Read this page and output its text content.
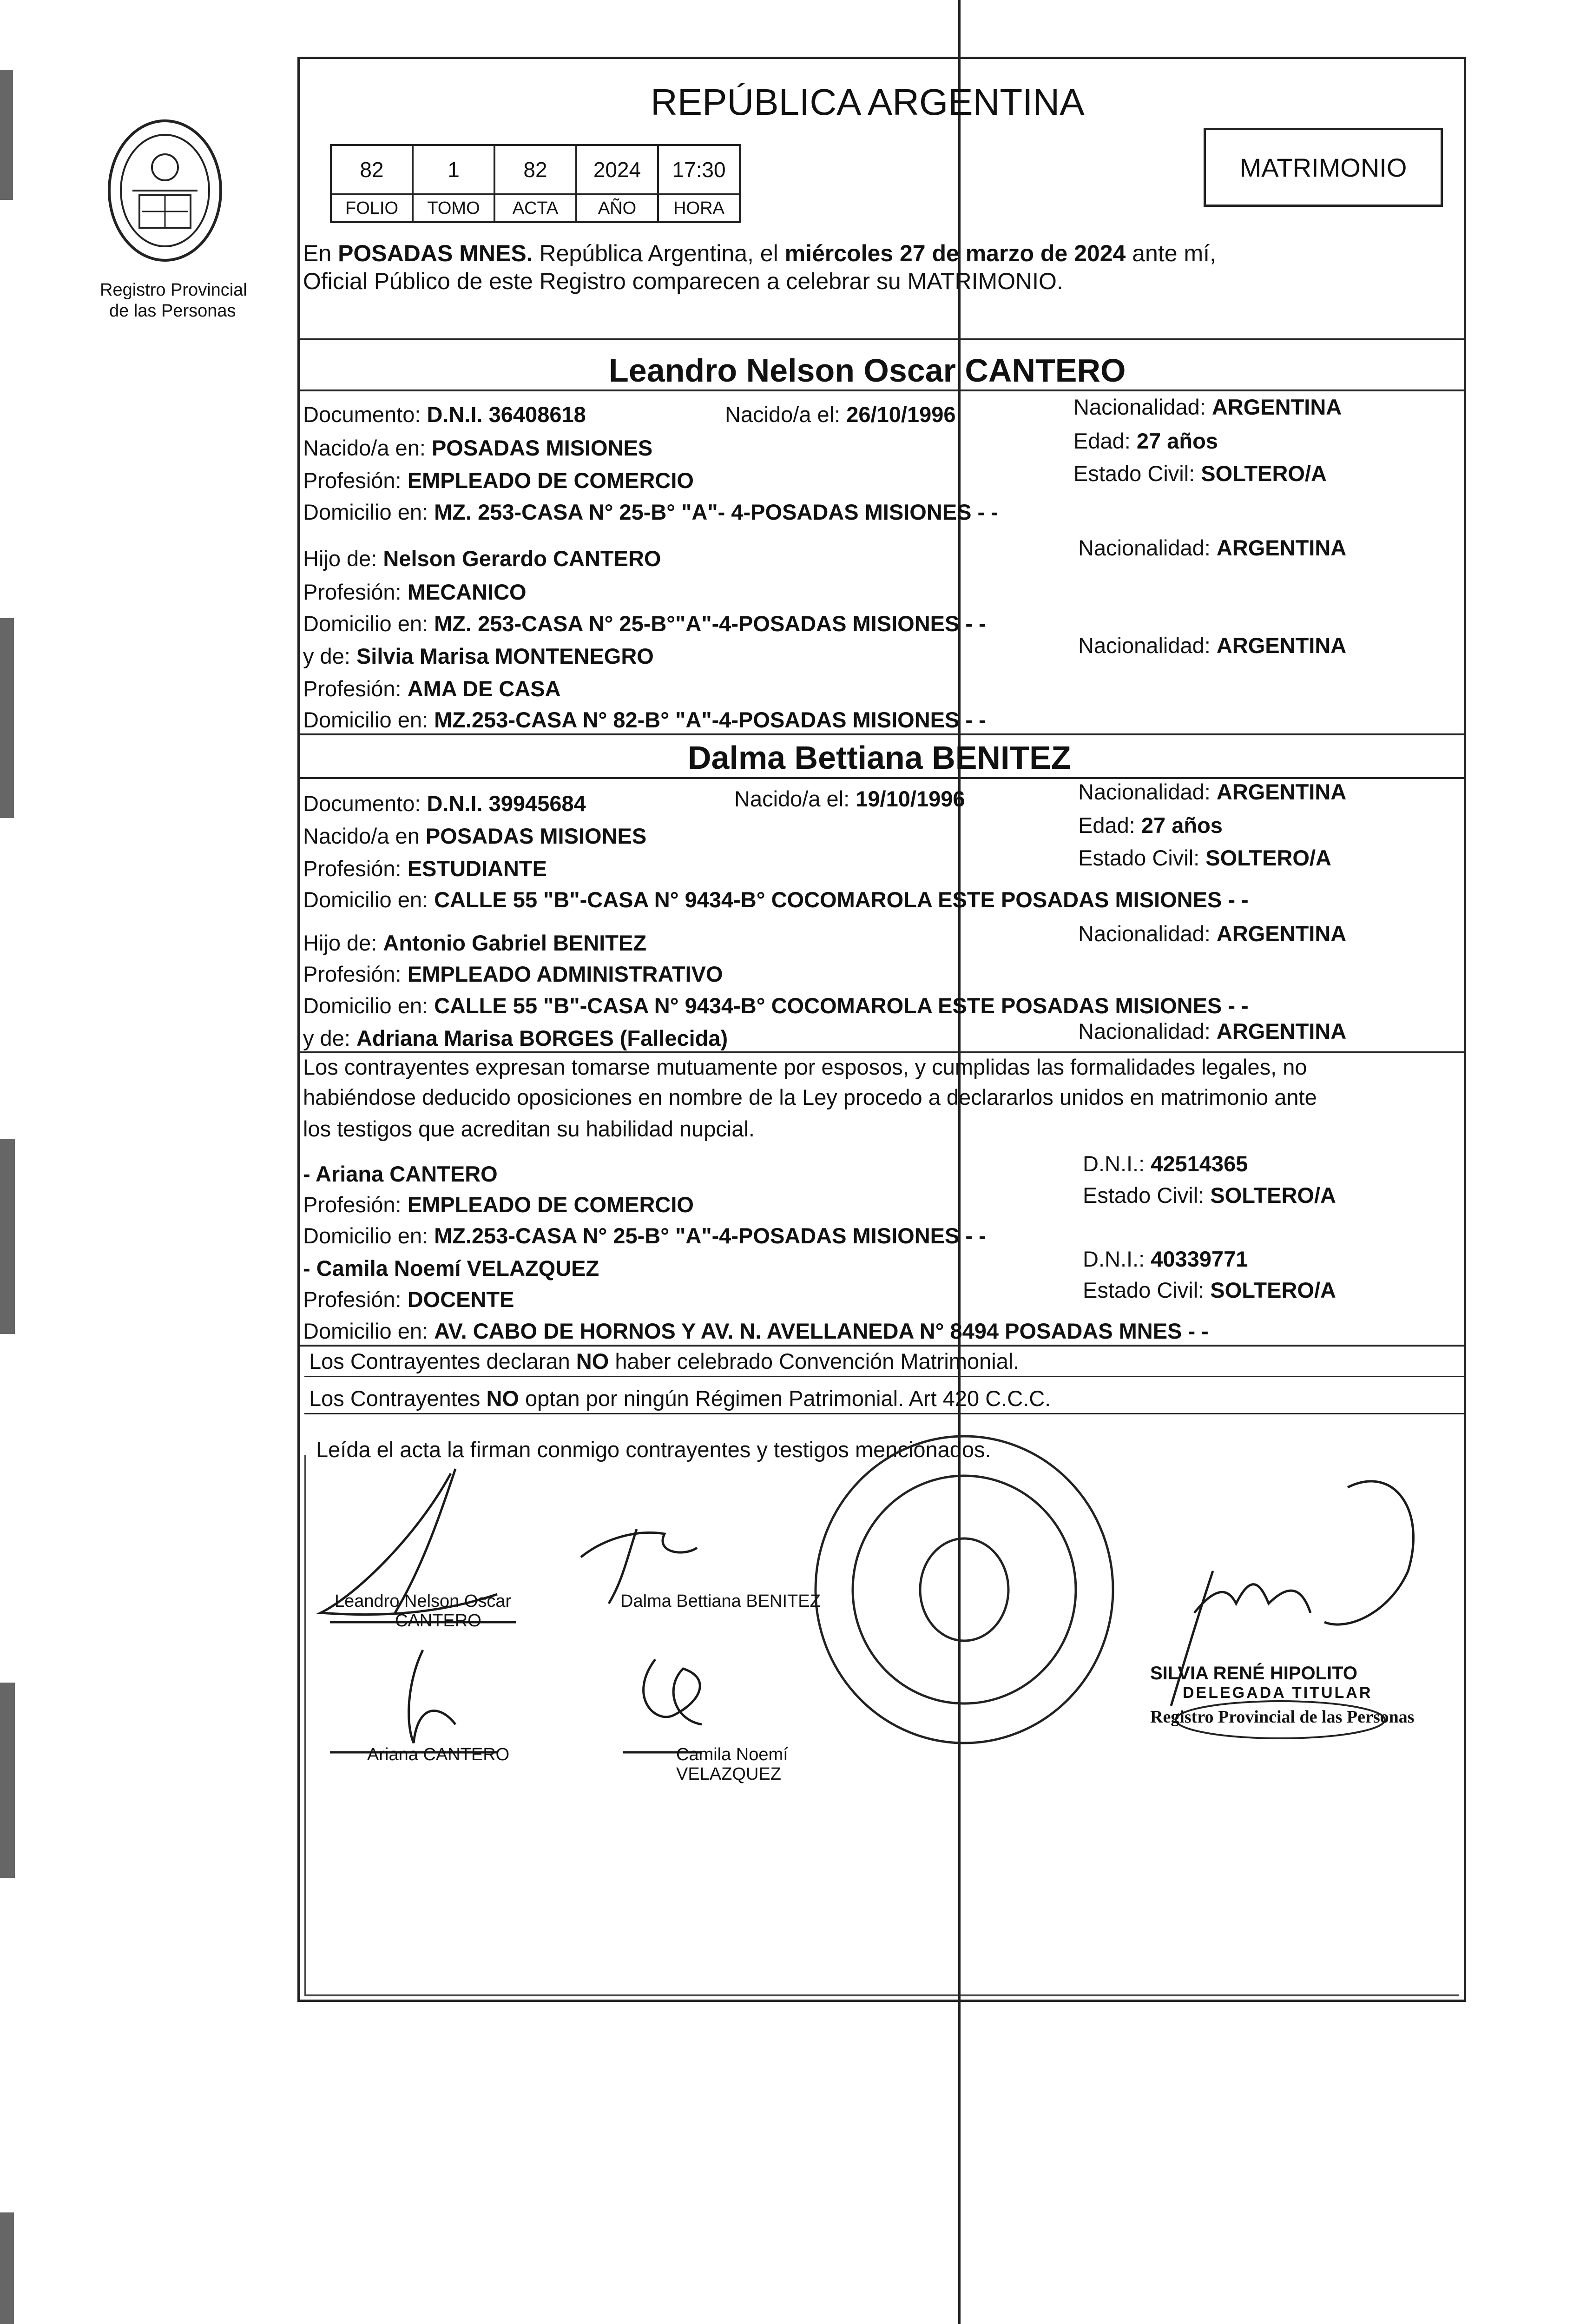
Registro Provincial
de las Personas
REPÚBLICA ARGENTINA
82	1	82	2024	17:30
FOLIO	TOMO	ACTA	AÑO	HORA
MATRIMONIO
En POSADAS MNES. República Argentina, el miércoles 27 de marzo de 2024 ante mí,
Oficial Público de este Registro comparecen a celebrar su MATRIMONIO.
Leandro Nelson Oscar CANTERO
Documento: D.N.I. 36408618	Nacido/a el: 26/10/1996	Nacionalidad: ARGENTINA
Nacido/a en: POSADAS MISIONES	Edad: 27 años
Profesión: EMPLEADO DE COMERCIO	Estado Civil: SOLTERO/A
Domicilio en: MZ. 253-CASA N° 25-B° "A"- 4-POSADAS MISIONES - -
Hijo de: Nelson Gerardo CANTERO	Nacionalidad: ARGENTINA
Profesión: MECANICO
Domicilio en: MZ. 253-CASA N° 25-B°"A"-4-POSADAS MISIONES - -
y de: Silvia Marisa MONTENEGRO	Nacionalidad: ARGENTINA
Profesión: AMA DE CASA
Domicilio en: MZ.253-CASA N° 82-B° "A"-4-POSADAS MISIONES - -
Dalma Bettiana BENITEZ
Documento: D.N.I. 39945684	Nacido/a el: 19/10/1996	Nacionalidad: ARGENTINA
Nacido/a en POSADAS MISIONES	Edad: 27 años
Profesión: ESTUDIANTE	Estado Civil: SOLTERO/A
Domicilio en: CALLE 55 "B"-CASA N° 9434-B° COCOMAROLA ESTE POSADAS MISIONES - -
Hijo de: Antonio Gabriel BENITEZ	Nacionalidad: ARGENTINA
Profesión: EMPLEADO ADMINISTRATIVO
Domicilio en: CALLE 55 "B"-CASA N° 9434-B° COCOMAROLA ESTE POSADAS MISIONES - -
y de: Adriana Marisa BORGES (Fallecida)	Nacionalidad: ARGENTINA
Los contrayentes expresan tomarse mutuamente por esposos, y cumplidas las formalidades legales, no
habiéndose deducido oposiciones en nombre de la Ley procedo a declararlos unidos en matrimonio ante
los testigos que acreditan su habilidad nupcial.
- Ariana CANTERO	D.N.I.: 42514365
Profesión: EMPLEADO DE COMERCIO	Estado Civil: SOLTERO/A
Domicilio en: MZ.253-CASA N° 25-B° "A"-4-POSADAS MISIONES - -
- Camila Noemí VELAZQUEZ	D.N.I.: 40339771
Profesión: DOCENTE	Estado Civil: SOLTERO/A
Domicilio en: AV. CABO DE HORNOS Y AV. N. AVELLANEDA N° 8494 POSADAS MNES - -
Los Contrayentes declaran NO haber celebrado Convención Matrimonial.
Los Contrayentes NO optan por ningún Régimen Patrimonial. Art 420 C.C.C.
Leída el acta la firman conmigo contrayentes y testigos mencionados.
Leandro Nelson Oscar
CANTERO
Dalma Bettiana BENITEZ
Ariana CANTERO	Camila Noemí
VELAZQUEZ
SILVIA RENÉ HIPOLITO
DELEGADA TITULAR
Registro Provincial de las Personas
